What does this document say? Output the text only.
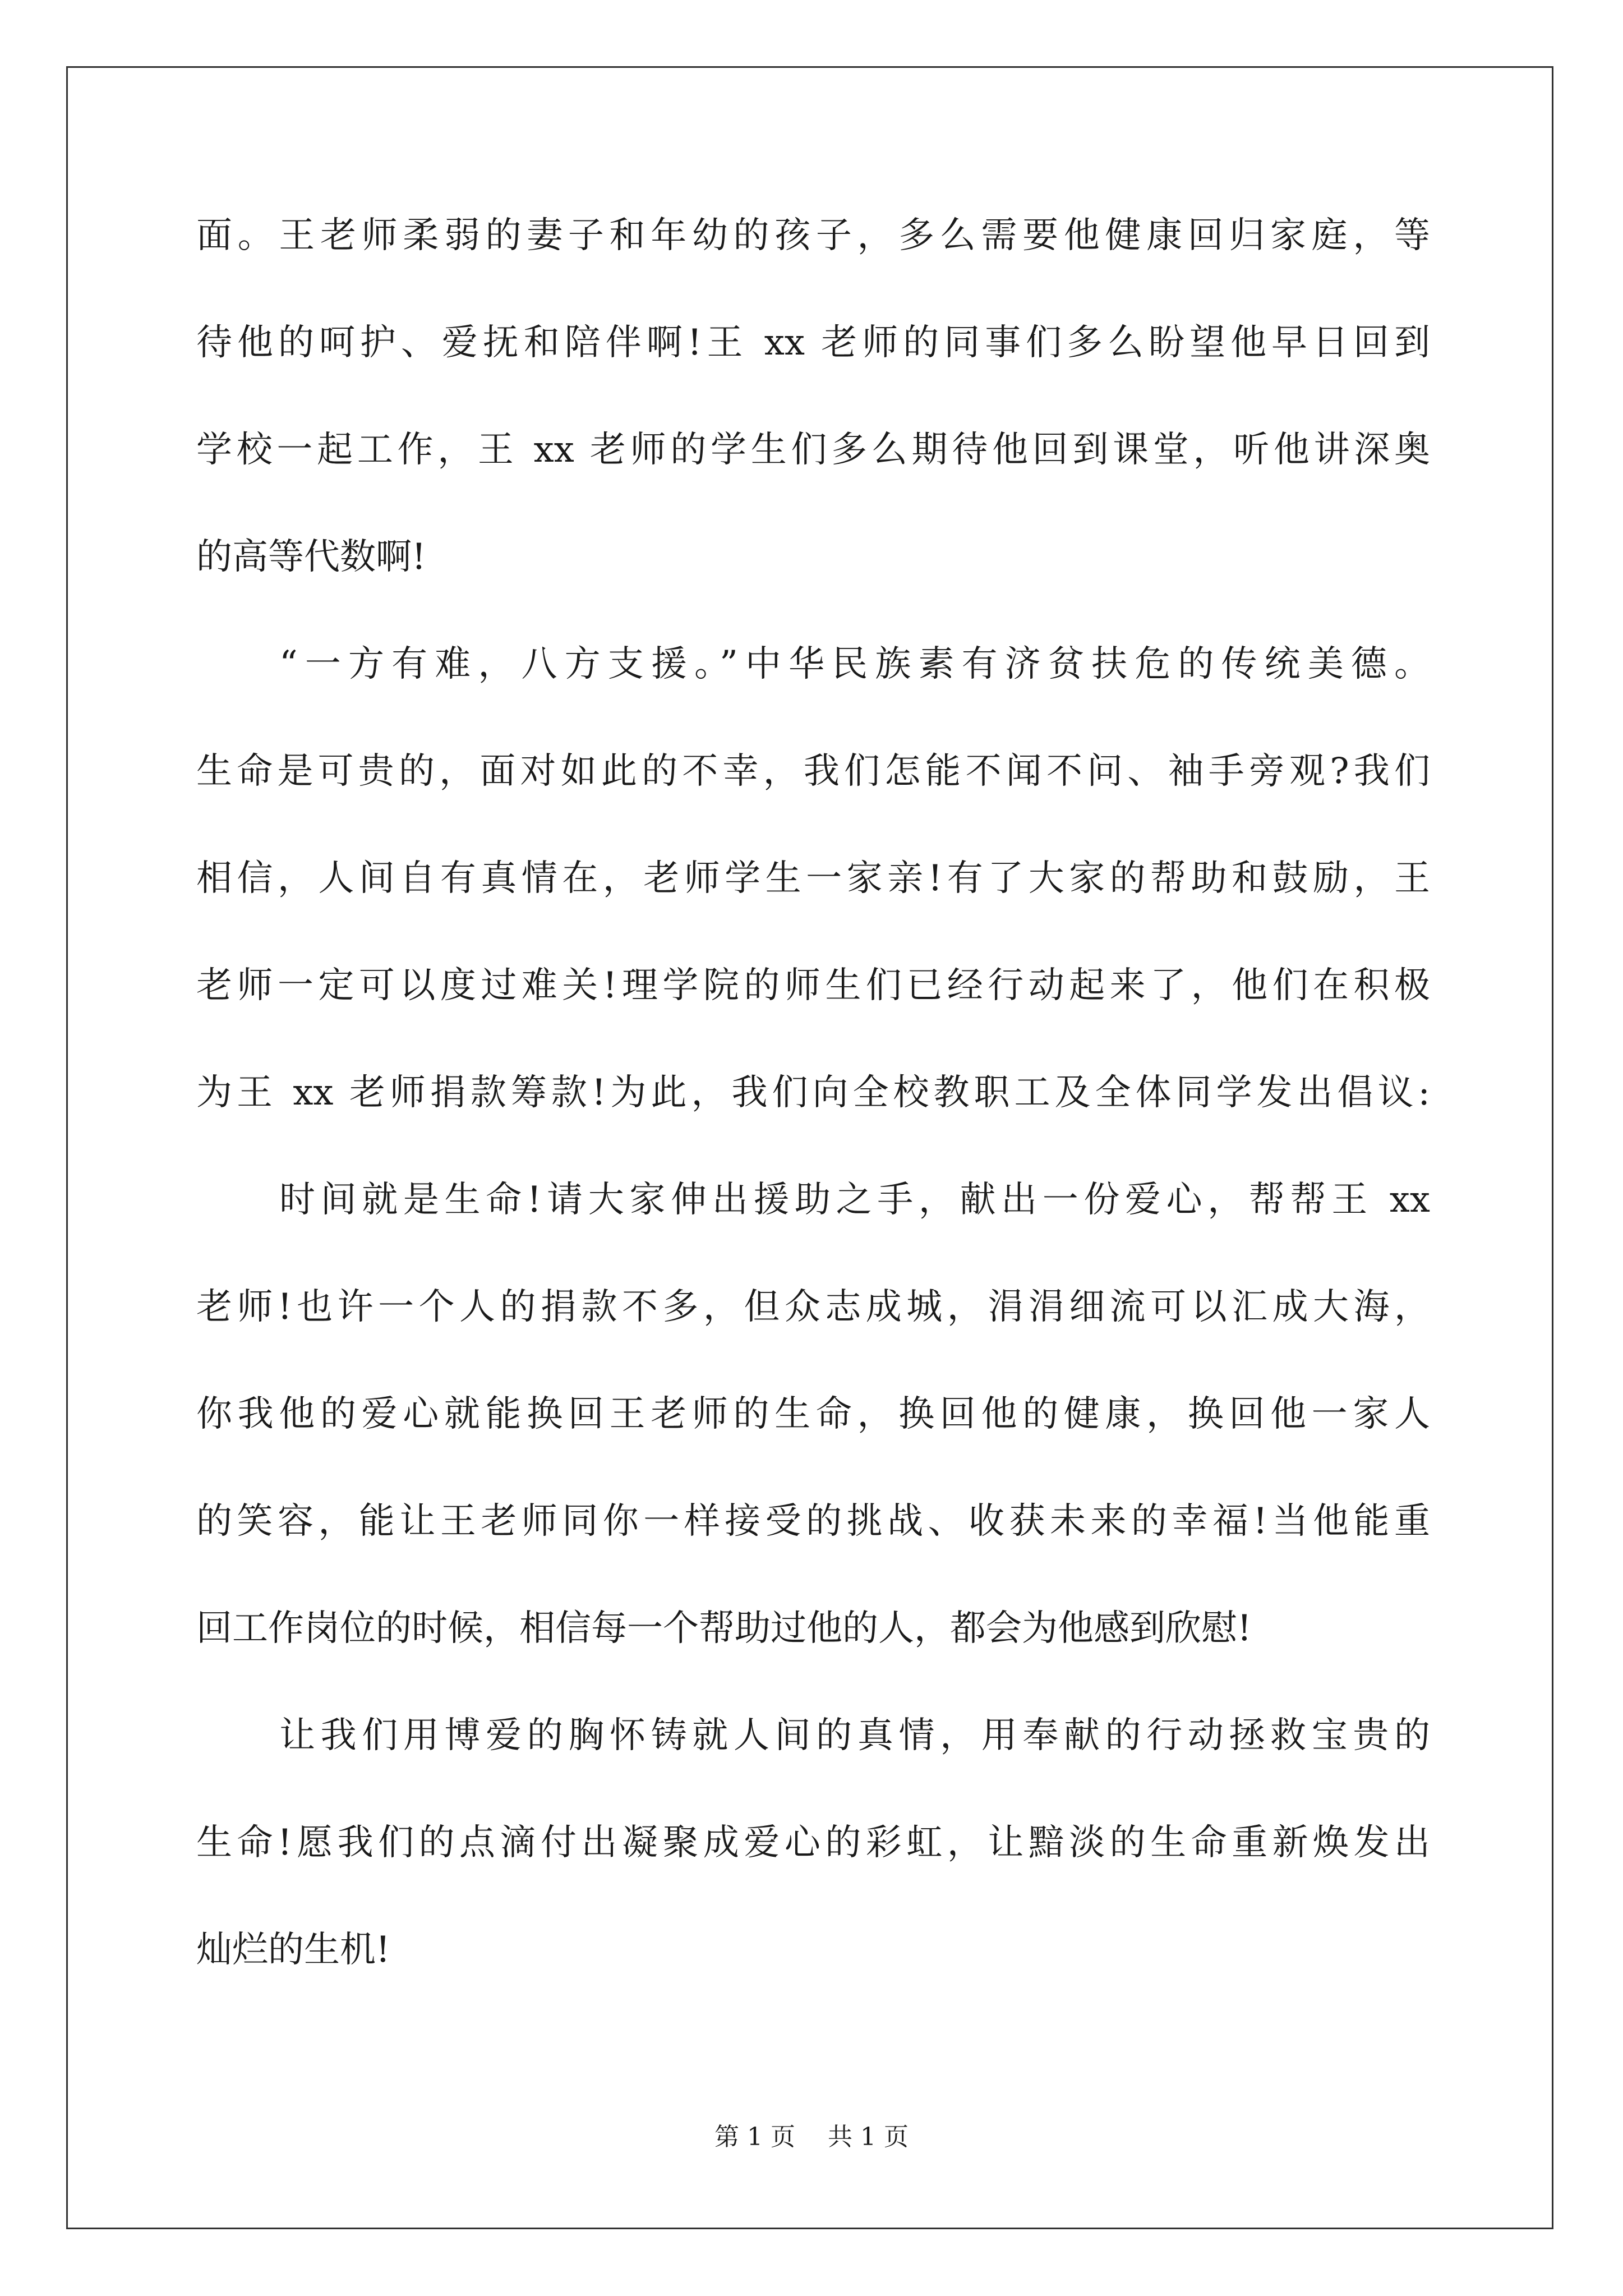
面。王老师柔弱的妻子和年幼的孩子，多么需要他健康回归家庭，等
待他的呵护、爱抚和陪伴啊!王 xx 老师的同事们多么盼望他早日回到
学校一起工作，王 xx 老师的学生们多么期待他回到课堂，听他讲深奥
的高等代数啊!
“一方有难，八方支援。”中华民族素有济贫扶危的传统美德。
生命是可贵的，面对如此的不幸，我们怎能不闻不问、袖手旁观?我们
相信，人间自有真情在，老师学生一家亲!有了大家的帮助和鼓励，王
老师一定可以度过难关!理学院的师生们已经行动起来了，他们在积极
为王 xx 老师捐款筹款!为此，我们向全校教职工及全体同学发出倡议:
时间就是生命!请大家伸出援助之手，献出一份爱心，帮帮王 xx
老师!也许一个人的捐款不多，但众志成城，涓涓细流可以汇成大海，
你我他的爱心就能换回王老师的生命，换回他的健康，换回他一家人
的笑容，能让王老师同你一样接受的挑战、收获未来的幸福!当他能重
回工作岗位的时候，相信每一个帮助过他的人，都会为他感到欣慰!
让我们用博爱的胸怀铸就人间的真情，用奉献的行动拯救宝贵的
生命!愿我们的点滴付出凝聚成爱心的彩虹，让黯淡的生命重新焕发出
灿烂的生机!
第 1 页 共 1 页
